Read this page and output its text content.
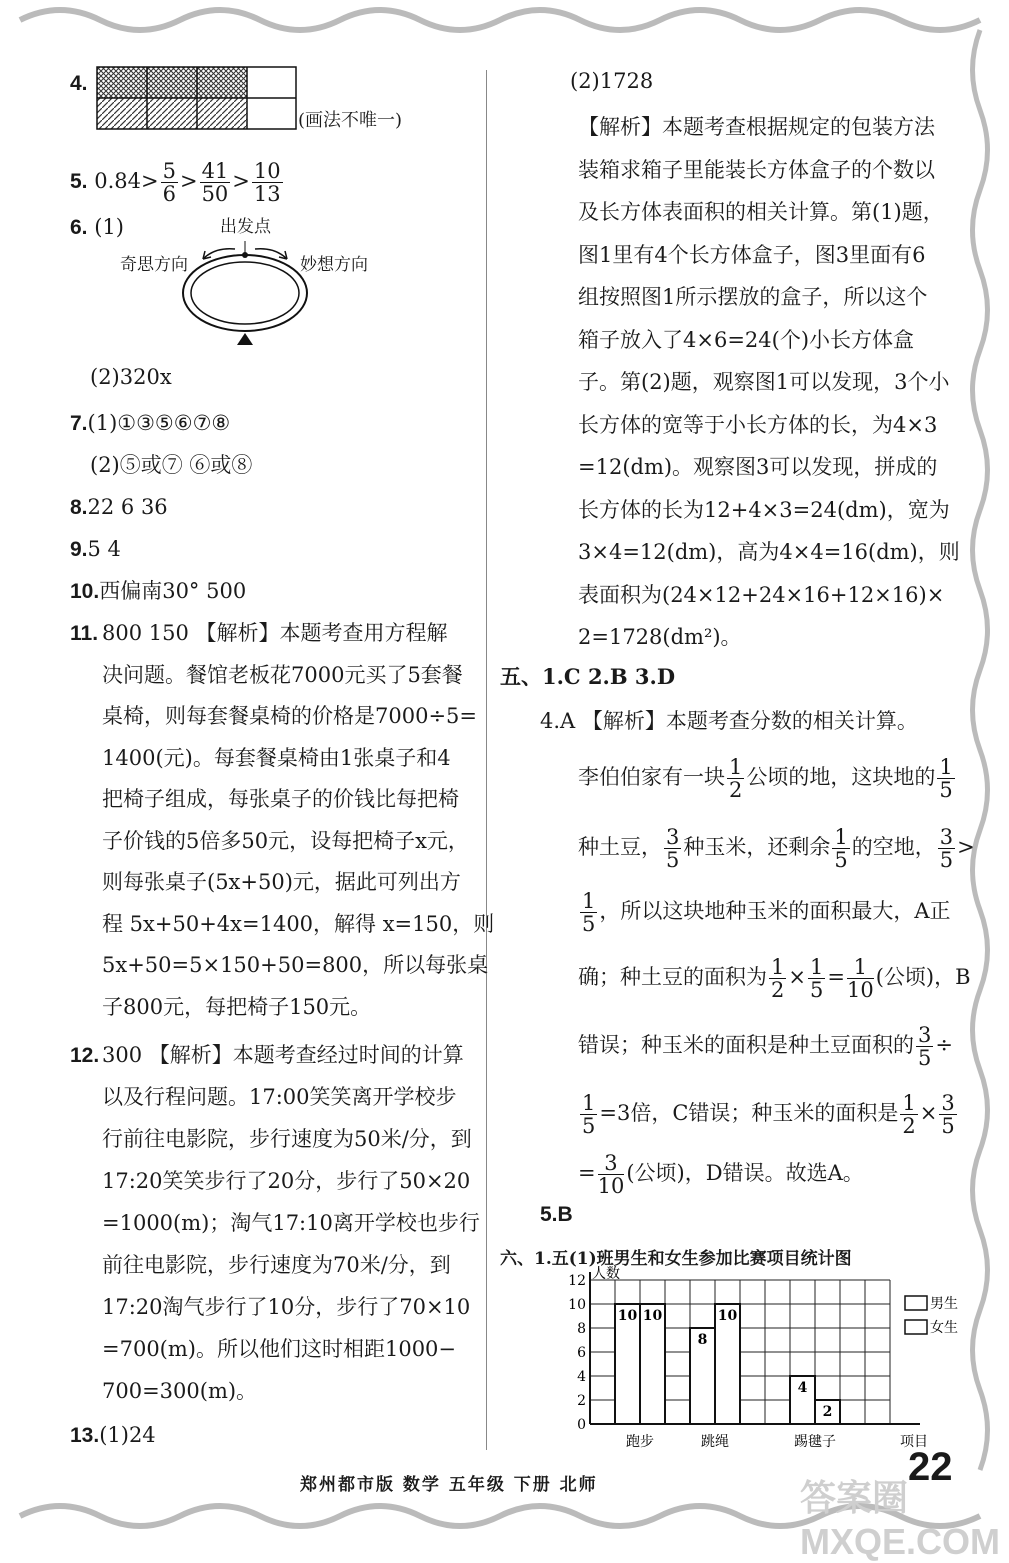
4.
(画法不唯一)
5. $0.84> \frac{5}{6} > \frac{41}{50} > \frac{10}{13}$
6. (1)	出发点
奇思方向	妙想方向
(2)320x
7.(1)①③⑤⑥⑦⑧
(2)⑤或⑦ ⑥或⑧
8.22 6 36
9.5 4
10.西偏南30° 500
11. 800 150 【解析】本题考查用方程解
决问题。餐馆老板花7000元买了5套餐
桌椅，则每套餐桌椅的价格是7000÷5=
1400(元)。每套餐桌椅由1张桌子和4
把椅子组成，每张桌子的价钱比每把椅
子价钱的5倍多50元，设每把椅子x元，
则每张桌子(5x+50)元，据此可列出方
程 5x+50+4x=1400，解得 x=150，则
5x+50=5×150+50=800，所以每张桌
子800元，每把椅子150元。
12. 300 【解析】本题考查经过时间的计算
以及行程问题。17:00笑笑离开学校步
行前往电影院，步行速度为50米/分，到
17:20笑笑步行了20分，步行了50×20
=1000(m)；淘气17:10离开学校也步行
前往电影院，步行速度为70米/分，到
17:20淘气步行了10分，步行了70×10
=700(m)。所以他们这时相距1000−
700=300(m)。
13.(1)24
(2)1728
【解析】本题考查根据规定的包装方法
装箱求箱子里能装长方体盒子的个数以
及长方体表面积的相关计算。第(1)题，
图1里有4个长方体盒子，图3里面有6
组按照图1所示摆放的盒子，所以这个
箱子放入了4×6=24(个)小长方体盒
子。第(2)题，观察图1可以发现，3个小
长方体的宽等于小长方体的长，为4×3
=12(dm)。观察图3可以发现，拼成的
长方体的长为12+4×3=24(dm)，宽为
3×4=12(dm)，高为4×4=16(dm)，则
表面积为(24×12+24×16+12×16)×
2=1728(dm²)。
五、1.C 2.B 3.D
4.A 【解析】本题考查分数的相关计算。
李伯伯家有一块 $\frac{1}{2}$ 公顷的地，这块地的 $\frac{1}{5}$
种土豆， $\frac{3}{5}$ 种玉米，还剩余 $\frac{1}{5}$ 的空地， $\frac{3}{5}$ >
$\frac{1}{5}$ ，所以这块地种玉米的面积最大，A正
确；种土豆的面积为 $\frac{1}{2} \times \frac{1}{5} = \frac{1}{10}$ (公顷)，B
错误；种玉米的面积是种土豆面积的 $\frac{3}{5}$ ÷
$\frac{1}{5} =3$倍，C错误；种玉米的面积是 $\frac{1}{2} \times \frac{3}{5}$
= $\frac{3}{10}$ (公顷)，D错误。故选A。
5.B
六、1.五(1)班男生和女生参加比赛项目统计图
0
2
4
6
8
10
12 人数
项目
10 10
跑步
8
10
跳绳
4
2
踢毽子
男生
女生
郑州都市版 数学 五年级 下册 北师	答案圈 MXQE.COM
22
